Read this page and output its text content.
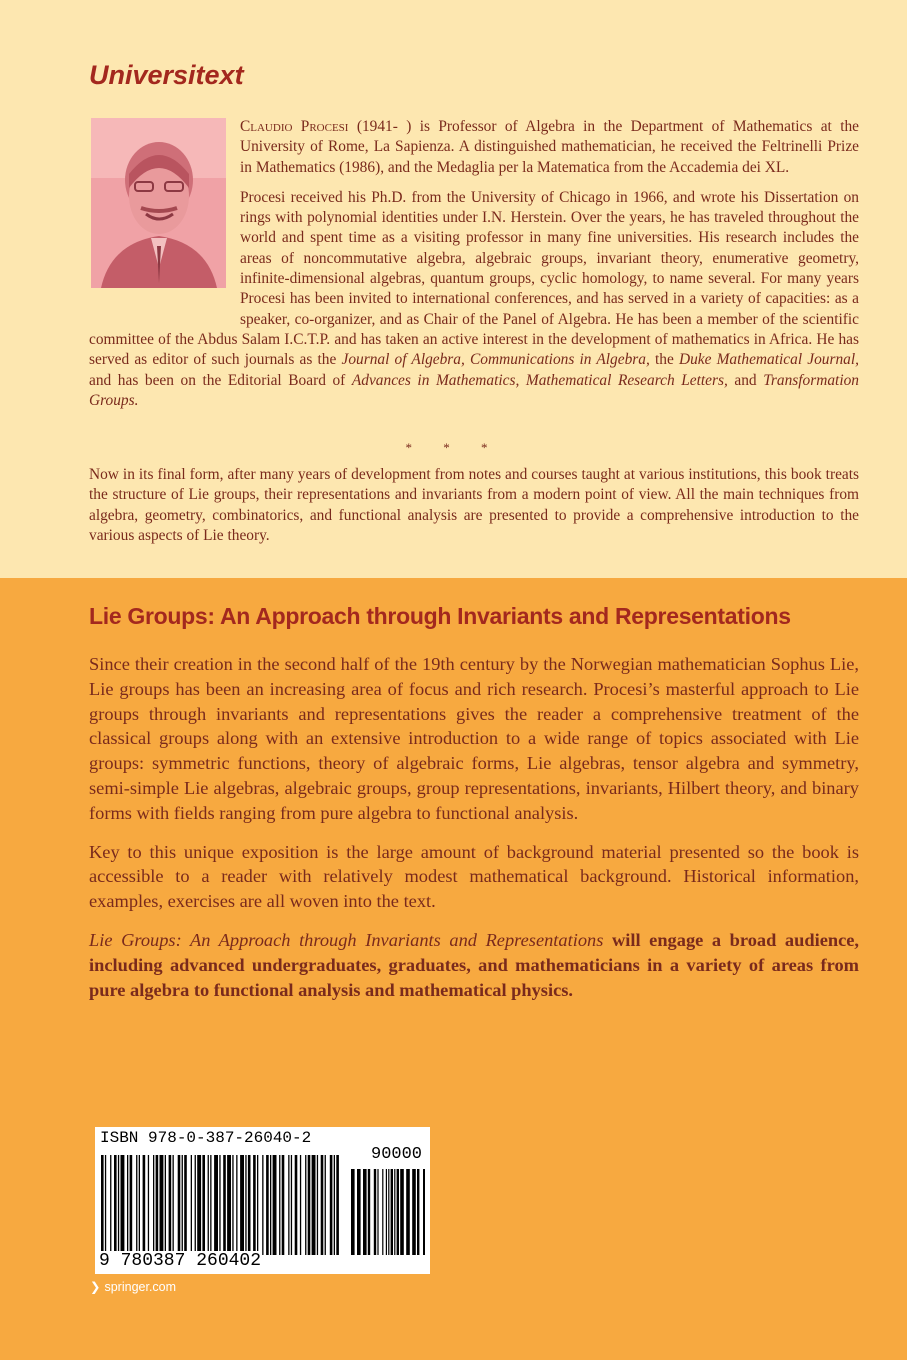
Universitext

Claudio Procesi (1941- ) is Professor of Algebra in the Department of Mathematics at the University of Rome, La Sapienza. A distinguished mathematician, he received the Feltrinelli Prize in Mathematics (1986), and the Medaglia per la Matematica from the Accademia dei XL.

Procesi received his Ph.D. from the University of Chicago in 1966, and wrote his Dissertation on rings with polynomial identities under I.N. Herstein. Over the years, he has traveled throughout the world and spent time as a visiting professor in many fine universities. His research includes the areas of noncommutative algebra, algebraic groups, invariant theory, enumerative geometry, infinite-dimensional algebras, quantum groups, cyclic homology, to name several. For many years Procesi has been invited to international conferences, and has served in a variety of capacities: as a speaker, co-organizer, and as Chair of the Panel of Algebra. He has been a member of the scientific committee of the Abdus Salam I.C.T.P. and has taken an active interest in the development of mathematics in Africa. He has served as editor of such journals as the Journal of Algebra, Communications in Algebra, the Duke Mathematical Journal, and has been on the Editorial Board of Advances in Mathematics, Mathematical Research Letters, and Transformation Groups.

* * *
Now in its final form, after many years of development from notes and courses taught at various institutions, this book treats the structure of Lie groups, their representations and invariants from a modern point of view. All the main techniques from algebra, geometry, combinatorics, and functional analysis are presented to provide a comprehensive introduction to the various aspects of Lie theory.
Lie Groups: An Approach through Invariants and Representations

Since their creation in the second half of the 19th century by the Norwegian mathematician Sophus Lie, Lie groups has been an increasing area of focus and rich research. Procesi’s masterful approach to Lie groups through invariants and representations gives the reader a comprehensive treatment of the classical groups along with an extensive introduction to a wide range of topics associated with Lie groups: symmetric functions, theory of algebraic forms, Lie algebras, tensor algebra and symmetry, semi-simple Lie algebras, algebraic groups, group representations, invariants, Hilbert theory, and binary forms with fields ranging from pure algebra to functional analysis.

Key to this unique exposition is the large amount of background material presented so the book is accessible to a reader with relatively modest mathematical background. Historical information, examples, exercises are all woven into the text.

Lie Groups: An Approach through Invariants and Representations will engage a broad audience, including advanced undergraduates, graduates, and mathematicians in a variety of areas from pure algebra to functional analysis and mathematical physics.

ISBN 978-0-387-26040-2
90000
9 780387 260402
❯ springer.com
